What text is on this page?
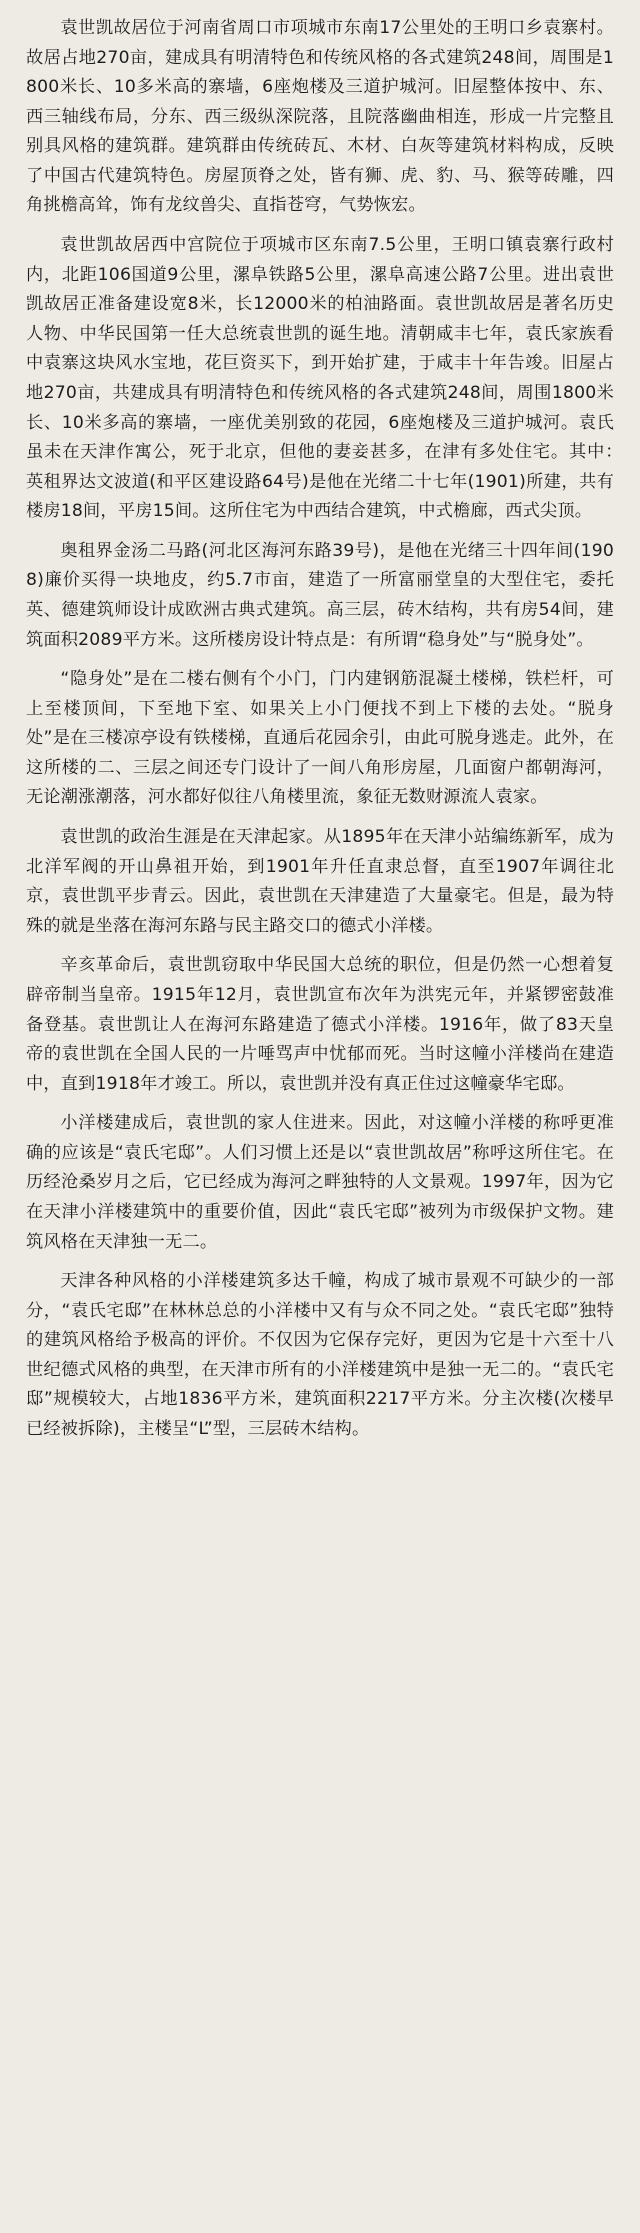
袁世凯故居位于河南省周口市项城市东南17公里处的王明口乡袁寨村。故居占地270亩，建成具有明清特色和传统风格的各式建筑248间，周围是1800米长、10多米高的寨墙，6座炮楼及三道护城河。旧屋整体按中、东、西三轴线布局，分东、西三级纵深院落，且院落幽曲相连，形成一片完整且别具风格的建筑群。建筑群由传统砖瓦、木材、白灰等建筑材料构成，反映了中国古代建筑特色。房屋顶脊之处，皆有狮、虎、豹、马、猴等砖雕，四角挑檐高耸，饰有龙纹兽尖、直指苍穹，气势恢宏。

袁世凯故居西中宫院位于项城市区东南7.5公里，王明口镇袁寨行政村内，北距106国道9公里，漯阜铁路5公里，漯阜高速公路7公里。进出袁世凯故居正准备建设宽8米，长12000米的柏油路面。袁世凯故居是著名历史人物、中华民国第一任大总统袁世凯的诞生地。清朝咸丰七年，袁氏家族看中袁寨这块风水宝地，花巨资买下，到开始扩建，于咸丰十年告竣。旧屋占地270亩，共建成具有明清特色和传统风格的各式建筑248间，周围1800米长、10米多高的寨墙，一座优美别致的花园，6座炮楼及三道护城河。袁氏虽未在天津作寓公，死于北京，但他的妻妾甚多，在津有多处住宅。其中：　英租界达文波道(和平区建设路64号)是他在光绪二十七年(1901)所建，共有楼房18间，平房15间。这所住宅为中西结合建筑，中式檐廊，西式尖顶。

奥租界金汤二马路(河北区海河东路39号)，是他在光绪三十四年间(1908)廉价买得一块地皮，约5.7市亩，建造了一所富丽堂皇的大型住宅，委托英、德建筑师设计成欧洲古典式建筑。高三层，砖木结构，共有房54间，建筑面积2089平方米。这所楼房设计特点是：有所谓“稳身处”与“脱身处”。

“隐身处”是在二楼右侧有个小门，门内建钢筋混凝土楼梯，铁栏杆，可上至楼顶间，下至地下室、如果关上小门便找不到上下楼的去处。“脱身处”是在三楼凉亭设有铁楼梯，直通后花园余引，由此可脱身逃走。此外，在这所楼的二、三层之间还专门设计了一间八角形房屋，几面窗户都朝海河，无论潮涨潮落，河水都好似往八角楼里流，象征无数财源流人袁家。

袁世凯的政治生涯是在天津起家。从1895年在天津小站编练新军，成为北洋军阀的开山鼻祖开始，到1901年升任直隶总督，直至1907年调往北京，袁世凯平步青云。因此，袁世凯在天津建造了大量豪宅。但是，最为特殊的就是坐落在海河东路与民主路交口的德式小洋楼。

辛亥革命后，袁世凯窃取中华民国大总统的职位，但是仍然一心想着复辟帝制当皇帝。1915年12月，袁世凯宣布次年为洪宪元年，并紧锣密鼓准备登基。袁世凯让人在海河东路建造了德式小洋楼。1916年，做了83天皇帝的袁世凯在全国人民的一片唾骂声中忧郁而死。当时这幢小洋楼尚在建造中，直到1918年才竣工。所以，袁世凯并没有真正住过这幢豪华宅邸。

小洋楼建成后，袁世凯的家人住进来。因此，对这幢小洋楼的称呼更准确的应该是“袁氏宅邸”。人们习惯上还是以“袁世凯故居”称呼这所住宅。在历经沧桑岁月之后，它已经成为海河之畔独特的人文景观。1997年，因为它在天津小洋楼建筑中的重要价值，因此“袁氏宅邸”被列为市级保护文物。建筑风格在天津独一无二。

天津各种风格的小洋楼建筑多达千幢，构成了城市景观不可缺少的一部分，“袁氏宅邸”在林林总总的小洋楼中又有与众不同之处。“袁氏宅邸”独特的建筑风格给予极高的评价。不仅因为它保存完好，更因为它是十六至十八世纪德式风格的典型，在天津市所有的小洋楼建筑中是独一无二的。“袁氏宅邸”规模较大，占地1836平方米，建筑面积2217平方米。分主次楼(次楼早已经被拆除)，主楼呈“L”型，三层砖木结构。
